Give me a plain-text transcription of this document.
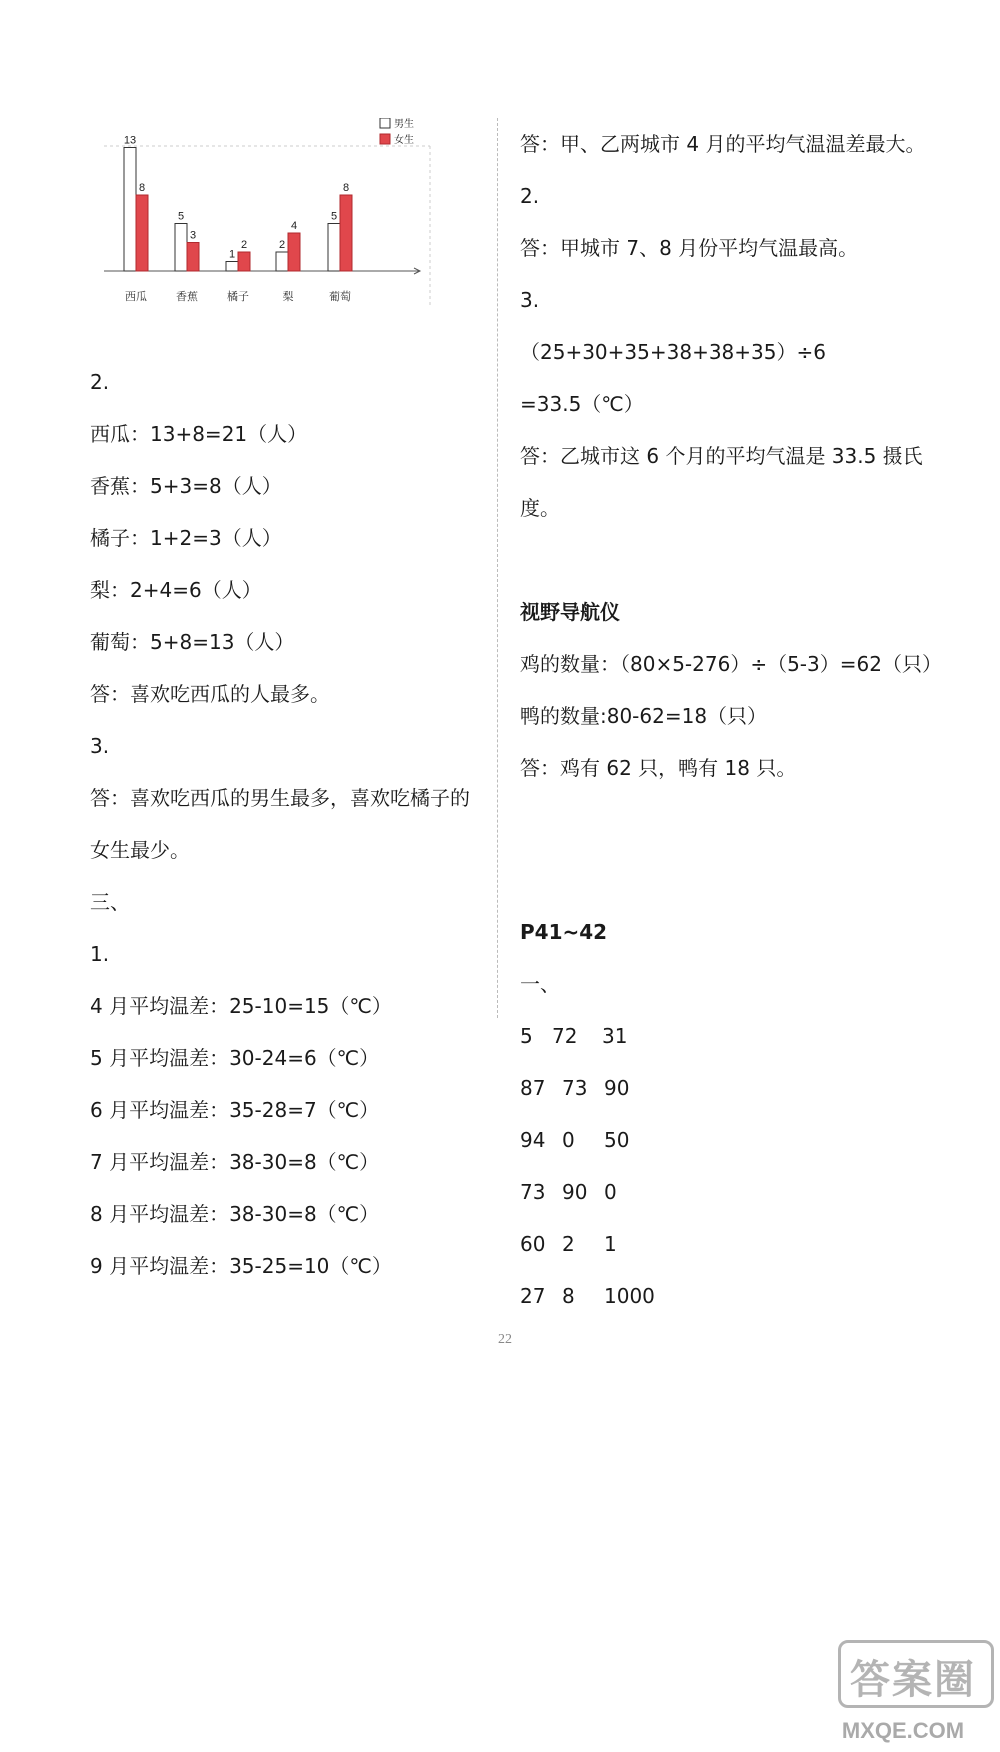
男生
女生
13
8
西瓜
5
3
香蕉
1
2
橘子
2
4
梨
5
8
葡萄
2.
西瓜：13+8=21（人）
香蕉：5+3=8（人）
橘子：1+2=3（人）
梨：2+4=6（人）
葡萄：5+8=13（人）
答：喜欢吃西瓜的人最多。
3.
答：喜欢吃西瓜的男生最多，喜欢吃橘子的
女生最少。
三、
1.
4 月平均温差：25-10=15（℃）
5 月平均温差：30-24=6（℃）
6 月平均温差：35-28=7（℃）
7 月平均温差：38-30=8（℃）
8 月平均温差：38-30=8（℃）
9 月平均温差：35-25=10（℃）
答：甲、乙两城市 4 月的平均气温温差最大。
2.
答：甲城市 7、8 月份平均气温最高。
3.
（25+30+35+38+38+35）÷6
=33.5（℃）
答：乙城市这 6 个月的平均气温是 33.5 摄氏
度。
视野导航仪
鸡的数量：（80×5-276）÷（5-3）=62（只）
鸭的数量:80-62=18（只）
答：鸡有 62 只，鸭有 18 只。
P41~42
一、
5 72 31
87 73 90
94 0 50
73 90 0
60 2 1
27 8 1000
22
答案圈
MXQE.COM
